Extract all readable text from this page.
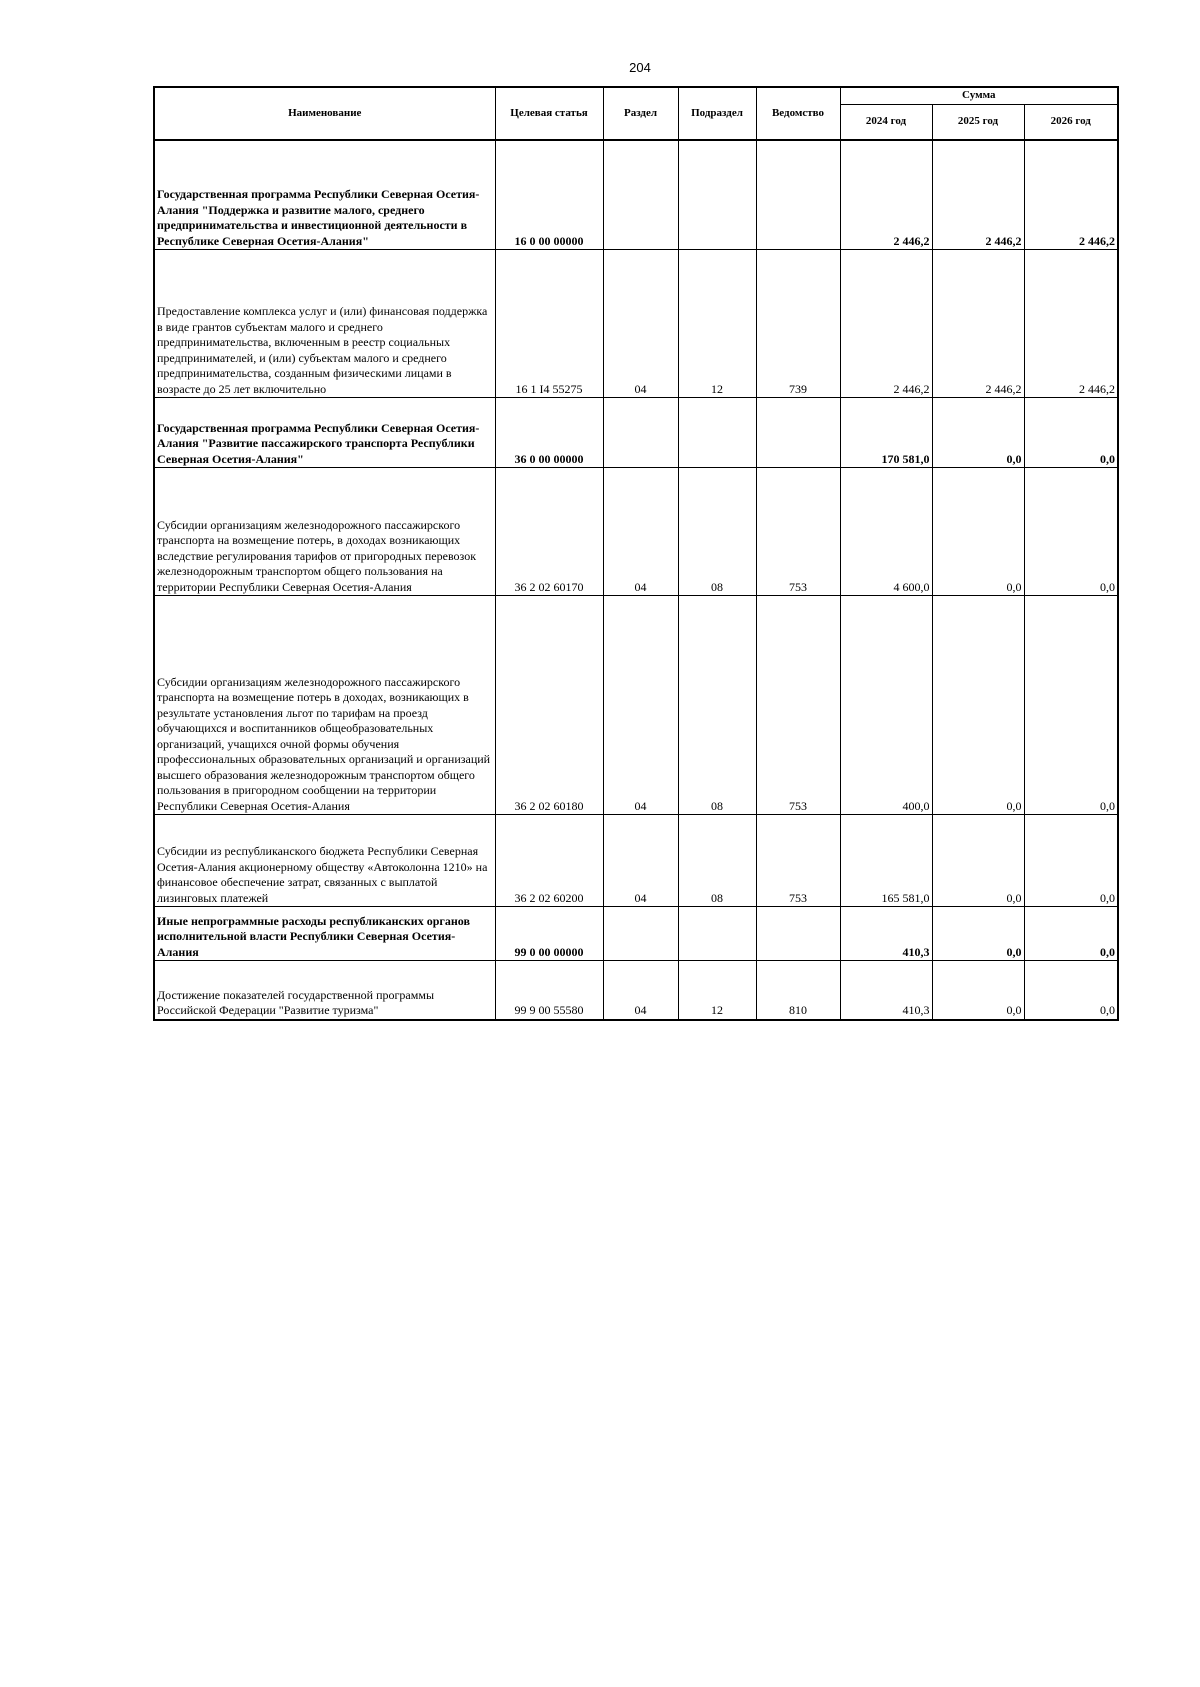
204
Наименование	Целевая статья	Раздел	Подраздел	Ведомство	Сумма		
					2024 год	2025 год	2026 год
Государственная программа Республики Северная Осетия-Алания "Поддержка и развитие малого, среднего предпринимательства и инвестиционной деятельности в Республике Северная Осетия-Алания"	16 0 00 00000				2 446,2	2 446,2	2 446,2
Предоставление комплекса услуг и (или) финансовая поддержка в виде грантов субъектам малого и среднего предпринимательства, включенным в реестр социальных предпринимателей, и (или) субъектам малого и среднего предпринимательства, созданным физическими лицами в возрасте до 25 лет включительно	16 1 I4 55275	04	12	739	2 446,2	2 446,2	2 446,2
Государственная программа Республики Северная Осетия-Алания "Развитие пассажирского транспорта Республики Северная Осетия-Алания"	36 0 00 00000				170 581,0	0,0	0,0
Субсидии организациям железнодорожного пассажирского транспорта на возмещение потерь, в доходах возникающих вследствие регулирования тарифов от пригородных перевозок железнодорожным транспортом общего пользования на территории Республики Северная Осетия-Алания	36 2 02 60170	04	08	753	4 600,0	0,0	0,0
Субсидии организациям железнодорожного пассажирского транспорта на возмещение потерь в доходах, возникающих в результате установления льгот по тарифам на проезд обучающихся и воспитанников общеобразовательных организаций, учащихся очной формы обучения профессиональных образовательных организаций и организаций высшего образования железнодорожным транспортом общего пользования в пригородном сообщении на территории Республики Северная Осетия-Алания	36 2 02 60180	04	08	753	400,0	0,0	0,0
Субсидии из республиканского бюджета Республики Северная Осетия-Алания акционерному обществу «Автоколонна 1210» на финансовое обеспечение затрат, связанных с выплатой лизинговых платежей	36 2 02 60200	04	08	753	165 581,0	0,0	0,0
Иные непрограммные расходы республиканских органов исполнительной власти Республики Северная Осетия-Алания	99 0 00 00000				410,3	0,0	0,0
Достижение показателей государственной программы Российской Федерации "Развитие туризма"	99 9 00 55580	04	12	810	410,3	0,0	0,0
